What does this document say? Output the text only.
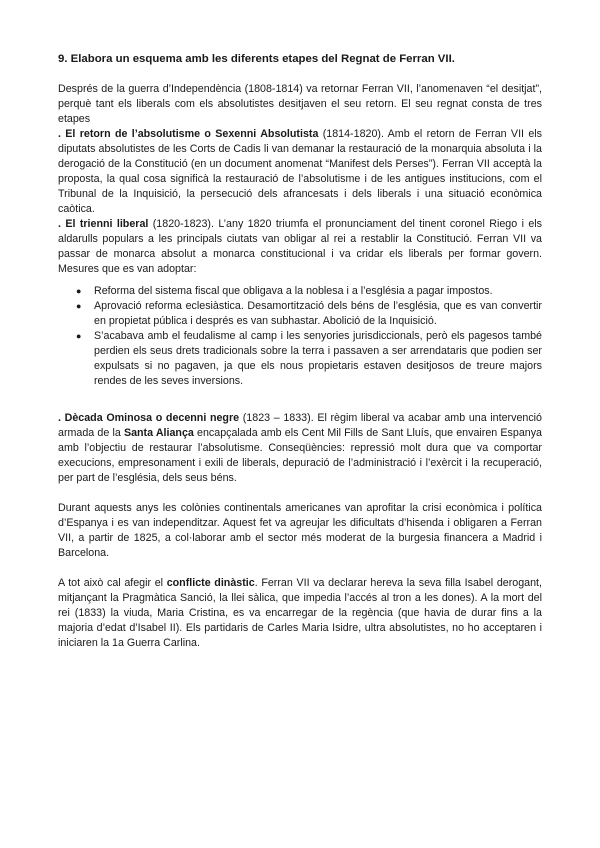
9. Elabora un esquema amb les diferents etapes del Regnat de Ferran VII.

Després de la guerra d’Independència (1808-1814) va retornar Ferran VII, l’anomenaven “el desitjat”, perquè tant els liberals com els absolutistes desitjaven el seu retorn. El seu regnat consta de tres etapes

. El retorn de l’absolutisme o Sexenni Absolutista (1814-1820). Amb el retorn de Ferran VII els diputats absolutistes de les Corts de Cadis li van demanar la restauració de la monarquia absoluta i la derogació de la Constitució (en un document anomenat “Manifest dels Perses”). Ferran VII acceptà la proposta, la qual cosa significà la restauració de l’absolutisme i de les antigues institucions, com el Tribunal de la Inquisició, la persecució dels afrancesats i dels liberals i una situació econòmica caòtica.

. El trienni liberal (1820-1823). L’any 1820 triumfa el pronunciament del tinent coronel Riego i els aldarulls populars a les principals ciutats van obligar al rei a restablir la Constitució. Ferran VII va passar de monarca absolut a monarca constitucional i va cridar els liberals per formar govern. Mesures que es van adoptar:

● Reforma del sistema fiscal que obligava a la noblesa i a l’església a pagar impostos.
● Aprovació reforma eclesiàstica. Desamortització dels béns de l’església, que es van convertir en propietat pública i després es van subhastar. Abolició de la Inquisició.
● S’acabava amb el feudalisme al camp i les senyories jurisdiccionals, però els pagesos també perdien els seus drets tradicionals sobre la terra i passaven a ser arrendataris que podien ser expulsats si no pagaven, ja que els nous propietaris estaven desitjosos de treure majors rendes de les seves inversions.

. Dècada Ominosa o decenni negre (1823 – 1833). El règim liberal va acabar amb una intervenció armada de la Santa Aliança encapçalada amb els Cent Mil Fills de Sant Lluís, que envairen Espanya amb l’objectiu de restaurar l’absolutisme. Conseqüències: repressió molt dura que va comportar execucions, empresonament i exili de liberals, depuració de l’administració i l’exèrcit i la recuperació, per part de l’església, dels seus béns.

Durant aquests anys les colònies continentals americanes van aprofitar la crisi econòmica i política d’Espanya i es van independitzar. Aquest fet va agreujar les dificultats d’hisenda i obligaren a Ferran VII, a partir de 1825, a col·laborar amb el sector més moderat de la burgesia financera a Madrid i Barcelona.

A tot això cal afegir el conflicte dinàstic. Ferran VII va declarar hereva la seva filla Isabel derogant, mitjançant la Pragmàtica Sanció, la llei sàlica, que impedia l’accés al tron a les dones). A la mort del rei (1833) la viuda, Maria Cristina, es va encarregar de la regència (que havia de durar fins a la majoria d’edat d’Isabel II). Els partidaris de Carles Maria Isidre, ultra absolutistes, no ho acceptaren i iniciaren la 1a Guerra Carlina.
